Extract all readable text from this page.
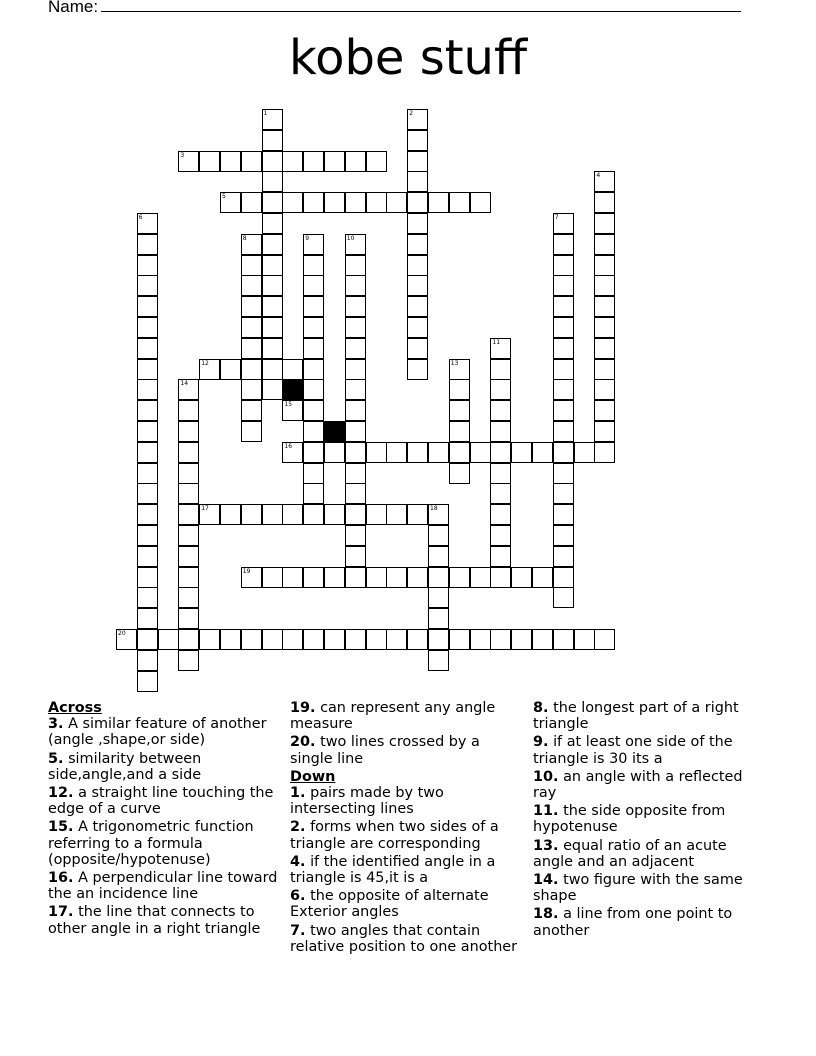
Name:
kobe stuff
1	2
3
4
5
6	7
8	9	10
11
12	13
14
15
16
17	18
19
20
Across
3. A similar feature of another (angle ,shape,or side)
5. similarity between side,angle,and a side
12. a straight line touching the edge of a curve
15. A trigonometric function referring to a formula (opposite/hypotenuse)
16. A perpendicular line toward the an incidence line
17. the line that connects to other angle in a right triangle
19. can represent any angle measure
20. two lines crossed by a single line
Down
1. pairs made by two intersecting lines
2. forms when two sides of a triangle are corresponding
4. if the identified angle in a triangle is 45,it is a
6. the opposite of alternate Exterior angles
7. two angles that contain relative position to one another
8. the longest part of a right triangle
9. if at least one side of the triangle is 30 its a
10. an angle with a reflected ray
11. the side opposite from hypotenuse
13. equal ratio of an acute angle and an adjacent
14. two figure with the same shape
18. a line from one point to another
